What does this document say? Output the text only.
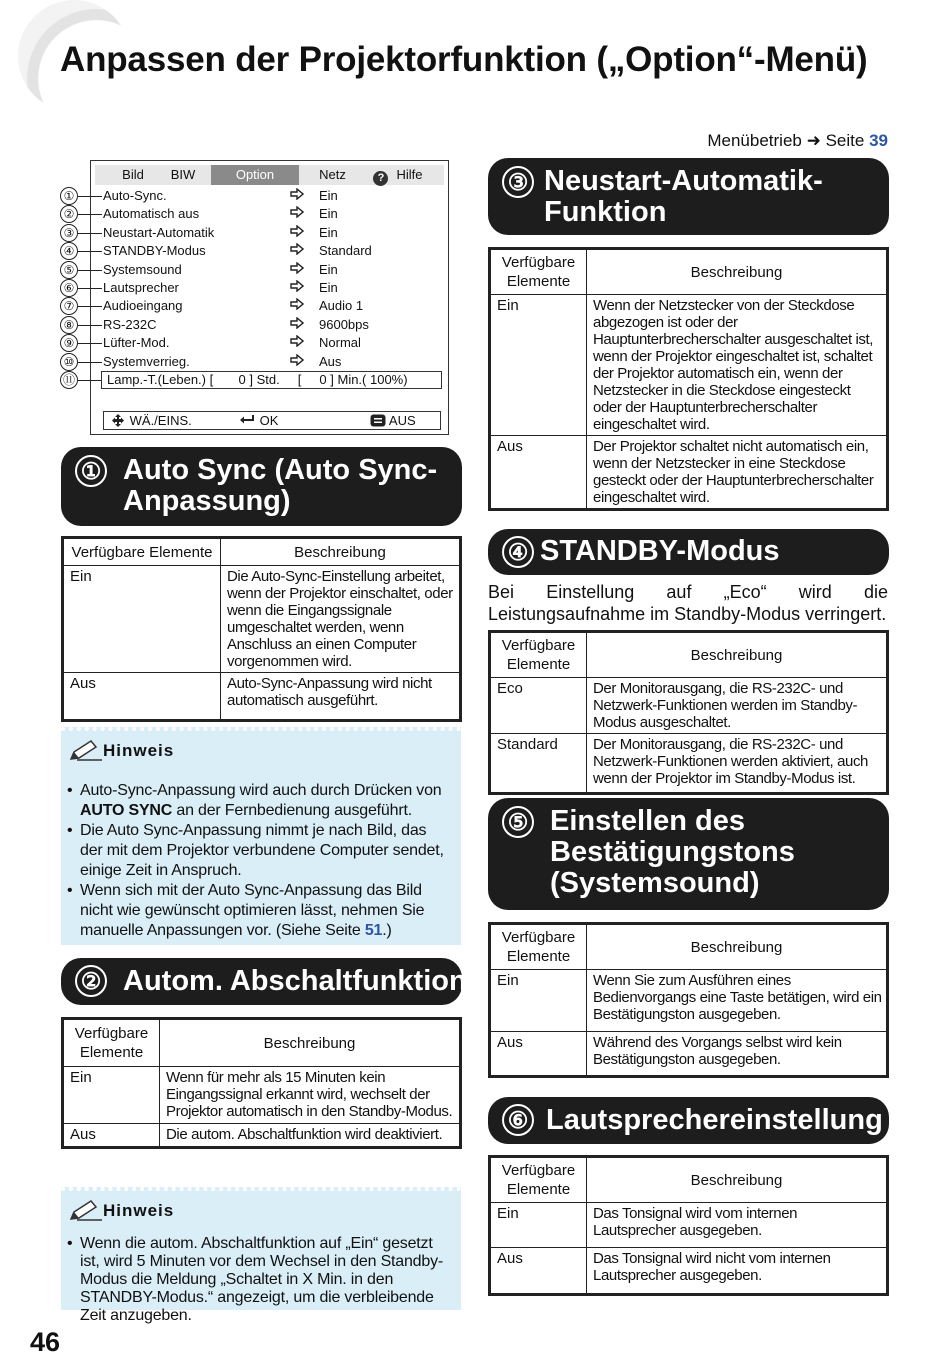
Anpassen der Projektorfunktion („Option“-Menü)
Menübetrieb ➜ Seite 39
Bild	BIW	Option	Netz	? Hilfe
WÄ./EINS.	OK	AUS
① Auto-Sync.	Ein
② Automatisch aus	Ein
③ Neustart-Automatik	Ein
④ STANDBY-Modus	Standard
⑤ Systemsound	Ein
⑥ Lautsprecher	Ein
⑦ Audioeingang	Audio 1
⑧ RS-232C	9600bps
⑨ Lüfter-Mod.	Normal
⑩ Systemverrieg.	Aus
⑪	Lamp.-T.(Leben.) [       0 ] Std.     [     0 ] Min.( 100%)
① Auto Sync (Auto Sync-
Anpassung)
Verfügbare Elemente	Beschreibung
Ein	Die Auto-Sync-Einstellung arbeitet, wenn der Projektor einschaltet, oder wenn die Eingangssignale umgeschaltet werden, wenn Anschluss an einen Computer vorgenommen wird.
Aus	Auto-Sync-Anpassung wird nicht automatisch ausgeführt.
Hinweis
• Auto-Sync-Anpassung wird auch durch Drücken von AUTO SYNC an der Fernbedienung ausgeführt.
• Die Auto Sync-Anpassung nimmt je nach Bild, das der mit dem Projektor verbundene Computer sendet, einige Zeit in Anspruch.
• Wenn sich mit der Auto Sync-Anpassung das Bild nicht wie gewünscht optimieren lässt, nehmen Sie manuelle Anpassungen vor. (Siehe Seite 51.)
② Autom. Abschaltfunktion
Verfügbare Elemente	Beschreibung
Ein	Wenn für mehr als 15 Minuten kein Eingangssignal erkannt wird, wechselt der Projektor automatisch in den Standby-Modus.
Aus	Die autom. Abschaltfunktion wird deaktiviert.
Hinweis
• Wenn die autom. Abschaltfunktion auf „Ein“ gesetzt ist, wird 5 Minuten vor dem Wechsel in den Standby-Modus die Meldung „Schaltet in X Min. in den STANDBY-Modus.“ angezeigt, um die verbleibende Zeit anzugeben.
③ Neustart-Automatik-
Funktion
Verfügbare Elemente	Beschreibung
Ein	Wenn der Netzstecker von der Steckdose abgezogen ist oder der Hauptunterbrecherschalter ausgeschaltet ist, wenn der Projektor eingeschaltet ist, schaltet der Projektor automatisch ein, wenn der Netzstecker in die Steckdose eingesteckt oder der Hauptunterbrecherschalter eingeschaltet wird.
Aus	Der Projektor schaltet nicht automatisch ein, wenn der Netzstecker in eine Steckdose gesteckt oder der Hauptunterbrecherschalter eingeschaltet wird.
④ STANDBY-Modus
Bei Einstellung auf „Eco“ wird die Leistungsaufnahme im Standby-Modus verringert.
Verfügbare Elemente	Beschreibung
Eco	Der Monitorausgang, die RS-232C- und Netzwerk-Funktionen werden im Standby-Modus ausgeschaltet.
Standard	Der Monitorausgang, die RS-232C- und Netzwerk-Funktionen werden aktiviert, auch wenn der Projektor im Standby-Modus ist.
⑤ Einstellen des
Bestätigungstons
(Systemsound)
Verfügbare Elemente	Beschreibung
Ein	Wenn Sie zum Ausführen eines Bedienvorgangs eine Taste betätigen, wird ein Bestätigungston ausgegeben.
Aus	Während des Vorgangs selbst wird kein Bestätigungston ausgegeben.
⑥ Lautsprechereinstellung
Verfügbare Elemente	Beschreibung
Ein	Das Tonsignal wird vom internen Lautsprecher ausgegeben.
Aus	Das Tonsignal wird nicht vom internen Lautsprecher ausgegeben.
46
